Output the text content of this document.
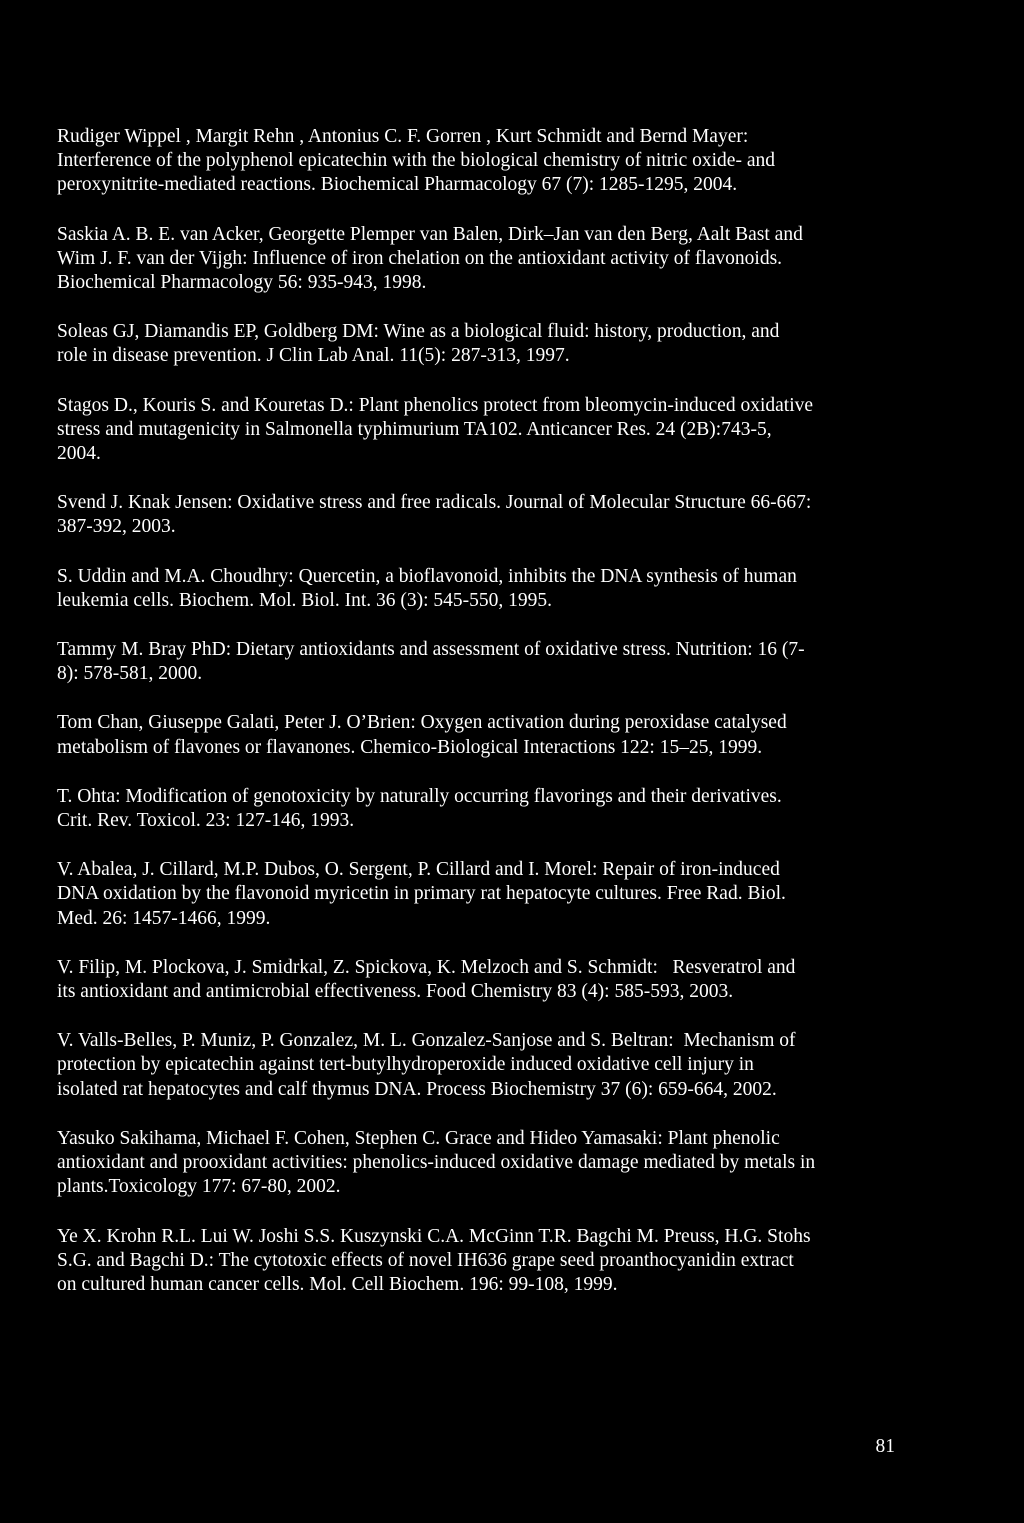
Rudiger Wippel , Margit Rehn , Antonius C. F. Gorren , Kurt Schmidt and Bernd Mayer:
Interference of the polyphenol epicatechin with the biological chemistry of nitric oxide- and
peroxynitrite-mediated reactions. Biochemical Pharmacology 67 (7): 1285-1295, 2004.
Saskia A. B. E. van Acker, Georgette Plemper van Balen, Dirk–Jan van den Berg, Aalt Bast and
Wim J. F. van der Vijgh: Influence of iron chelation on the antioxidant activity of flavonoids.
Biochemical Pharmacology 56: 935-943, 1998.
Soleas GJ, Diamandis EP, Goldberg DM: Wine as a biological fluid: history, production, and
role in disease prevention. J Clin Lab Anal. 11(5): 287-313, 1997.
Stagos D., Kouris S. and Kouretas D.: Plant phenolics protect from bleomycin-induced oxidative
stress and mutagenicity in Salmonella typhimurium TA102. Anticancer Res. 24 (2B):743-5,
2004.
Svend J. Knak Jensen: Oxidative stress and free radicals. Journal of Molecular Structure 66-667:
387-392, 2003.
S. Uddin and M.A. Choudhry: Quercetin, a bioflavonoid, inhibits the DNA synthesis of human
leukemia cells. Biochem. Mol. Biol. Int. 36 (3): 545-550, 1995.
Tammy M. Bray PhD: Dietary antioxidants and assessment of oxidative stress. Nutrition: 16 (7-
8): 578-581, 2000.
Tom Chan, Giuseppe Galati, Peter J. O’Brien: Oxygen activation during peroxidase catalysed
metabolism of flavones or flavanones. Chemico-Biological Interactions 122: 15–25, 1999.
T. Ohta: Modification of genotoxicity by naturally occurring flavorings and their derivatives.
Crit. Rev. Toxicol. 23: 127-146, 1993.
V. Abalea, J. Cillard, M.P. Dubos, O. Sergent, P. Cillard and I. Morel: Repair of iron-induced
DNA oxidation by the flavonoid myricetin in primary rat hepatocyte cultures. Free Rad. Biol.
Med. 26: 1457-1466, 1999.
V. Filip, M. Plockova, J. Smidrkal, Z. Spickova, K. Melzoch and S. Schmidt:   Resveratrol and
its antioxidant and antimicrobial effectiveness. Food Chemistry 83 (4): 585-593, 2003.
V. Valls-Belles, P. Muniz, P. Gonzalez, M. L. Gonzalez-Sanjose and S. Beltran:  Mechanism of
protection by epicatechin against tert-butylhydroperoxide induced oxidative cell injury in
isolated rat hepatocytes and calf thymus DNA. Process Biochemistry 37 (6): 659-664, 2002.
Yasuko Sakihama, Michael F. Cohen, Stephen C. Grace and Hideo Yamasaki: Plant phenolic
antioxidant and prooxidant activities: phenolics-induced oxidative damage mediated by metals in
plants.Toxicology 177: 67-80, 2002.
Ye X. Krohn R.L. Lui W. Joshi S.S. Kuszynski C.A. McGinn T.R. Bagchi M. Preuss, H.G. Stohs
S.G. and Bagchi D.: The cytotoxic effects of novel IH636 grape seed proanthocyanidin extract
on cultured human cancer cells. Mol. Cell Biochem. 196: 99-108, 1999.
81
